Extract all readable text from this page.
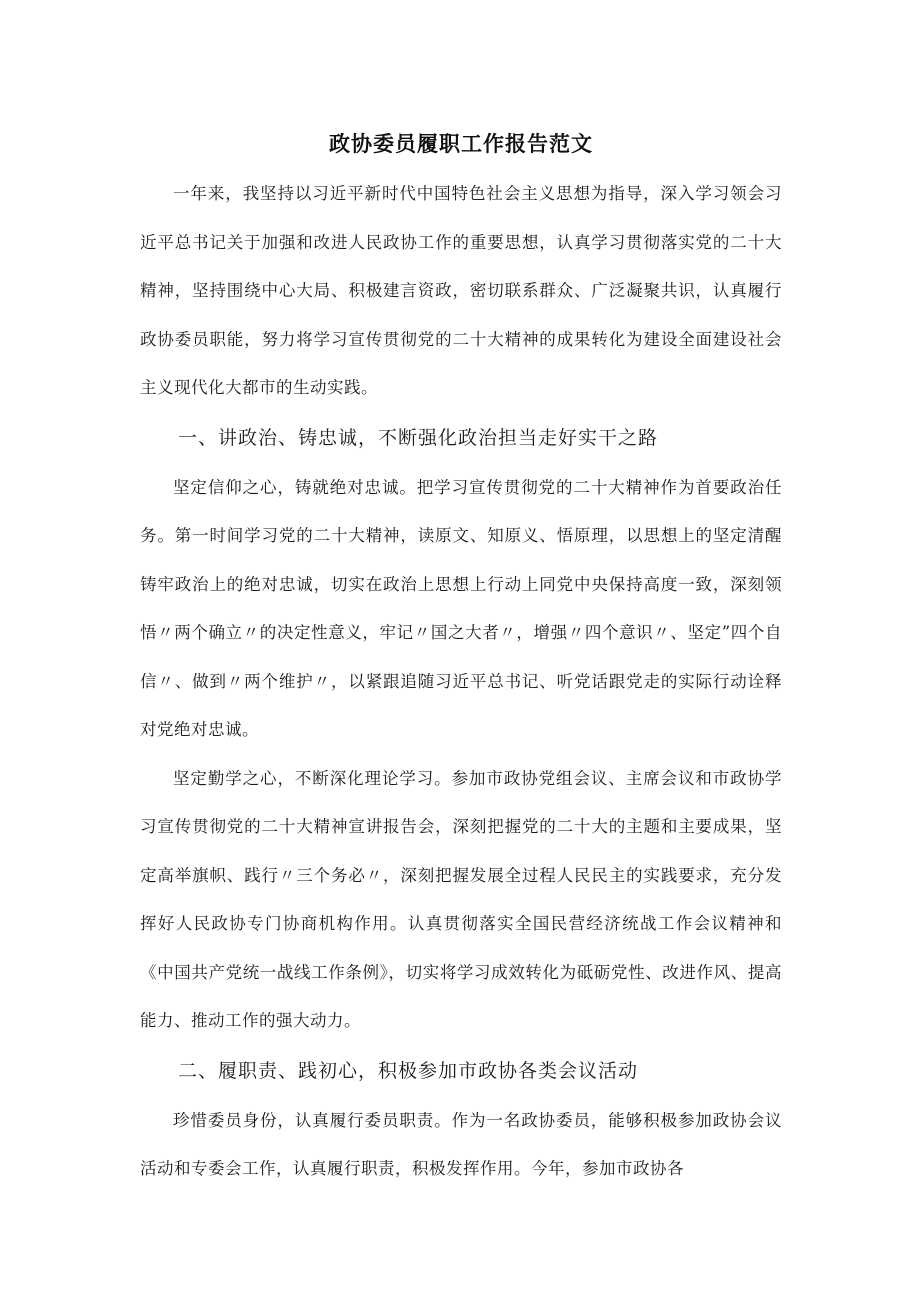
政协委员履职工作报告范文

一年来，我坚持以习近平新时代中国特色社会主义思想为指导，深入学习领会习近平总书记关于加强和改进人民政协工作的重要思想，认真学习贯彻落实党的二十大精神，坚持围绕中心大局、积极建言资政，密切联系群众、广泛凝聚共识，认真履行政协委员职能，努力将学习宣传贯彻党的二十大精神的成果转化为建设全面建设社会主义现代化大都市的生动实践。

一、讲政治、铸忠诚，不断强化政治担当走好实干之路

坚定信仰之心，铸就绝对忠诚。把学习宣传贯彻党的二十大精神作为首要政治任务。第一时间学习党的二十大精神，读原文、知原义、悟原理，以思想上的坚定清醒铸牢政治上的绝对忠诚，切实在政治上思想上行动上同党中央保持高度一致，深刻领悟〃两个确立〃的决定性意义，牢记〃国之大者〃，增强〃四个意识〃、坚定”四个自信〃、做到〃两个维护〃，以紧跟追随习近平总书记、听党话跟党走的实际行动诠释对党绝对忠诚。

坚定勤学之心，不断深化理论学习。参加市政协党组会议、主席会议和市政协学习宣传贯彻党的二十大精神宣讲报告会，深刻把握党的二十大的主题和主要成果，坚定高举旗帜、践行〃三个务必〃，深刻把握发展全过程人民民主的实践要求，充分发挥好人民政协专门协商机构作用。认真贯彻落实全国民营经济统战工作会议精神和《中国共产党统一战线工作条例》，切实将学习成效转化为砥砺党性、改进作风、提高能力、推动工作的强大动力。

二、履职责、践初心，积极参加市政协各类会议活动

珍惜委员身份，认真履行委员职责。作为一名政协委员，能够积极参加政协会议活动和专委会工作，认真履行职责，积极发挥作用。今年，参加市政协各
